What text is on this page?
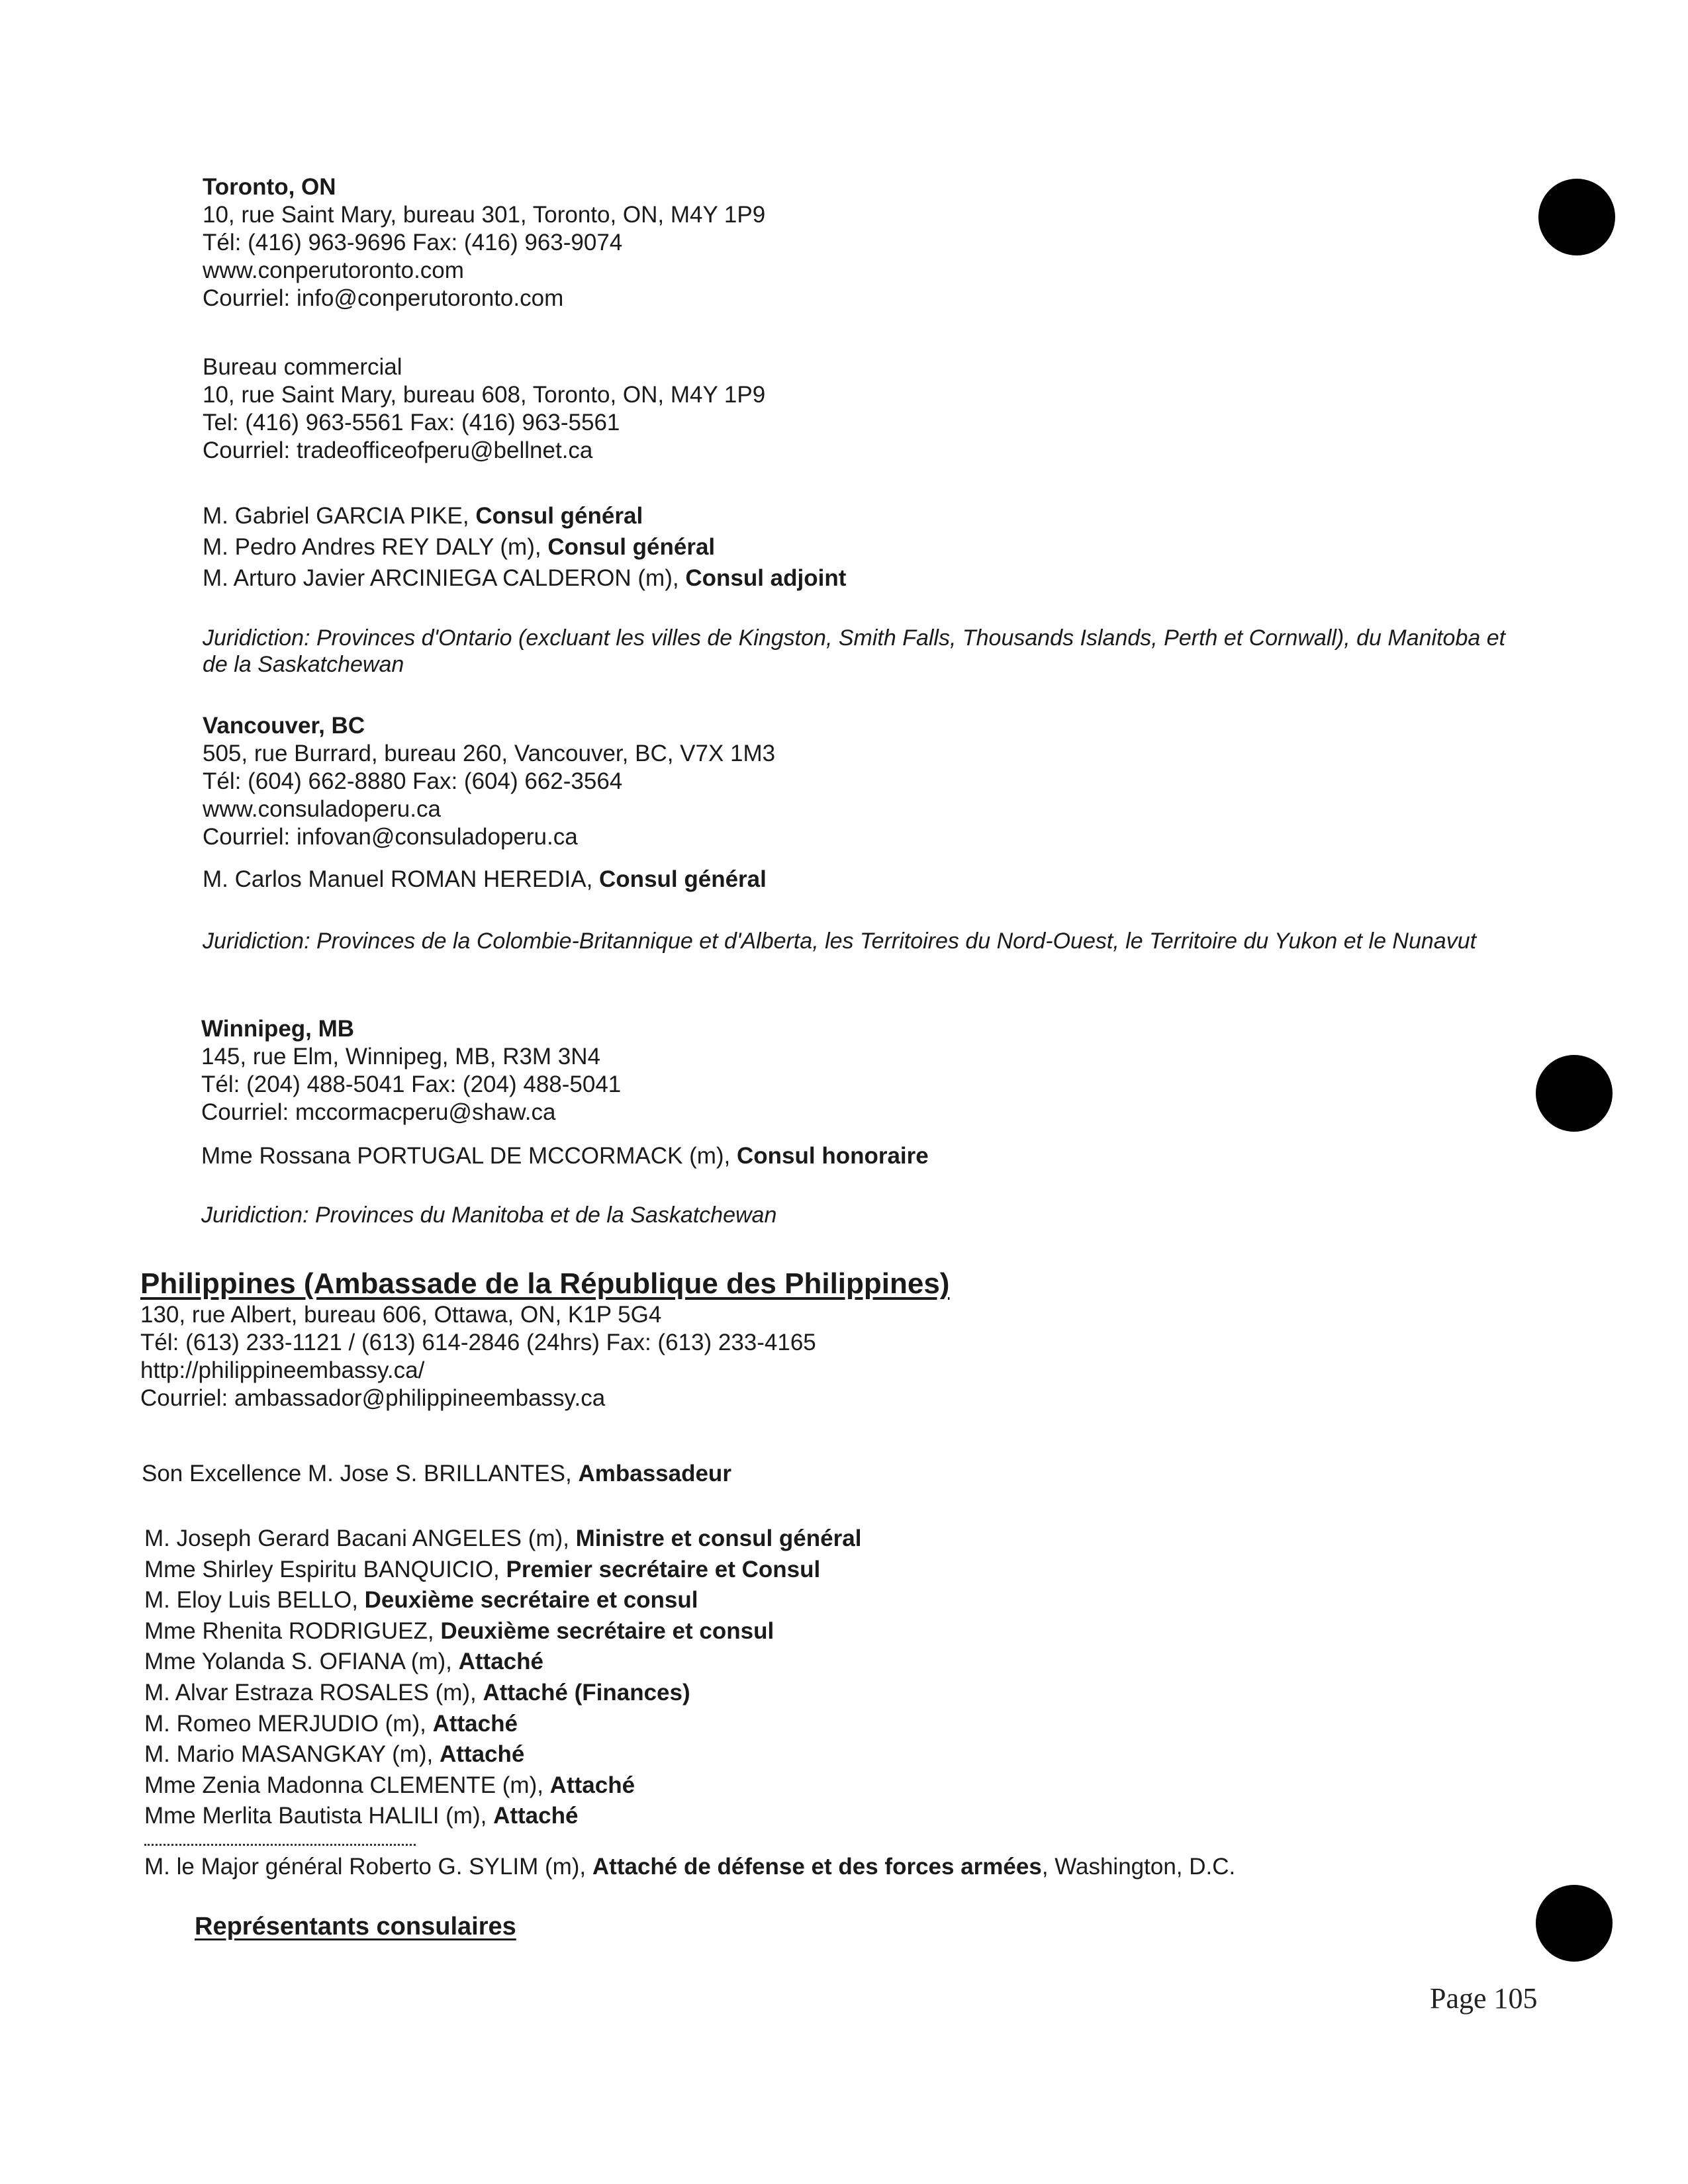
Toronto, ON
10, rue Saint Mary, bureau 301, Toronto, ON, M4Y 1P9
Tél: (416) 963-9696 Fax: (416) 963-9074
www.conperutoronto.com
Courriel: info@conperutoronto.com
Bureau commercial
10, rue Saint Mary, bureau 608, Toronto, ON, M4Y 1P9
Tel: (416) 963-5561 Fax: (416) 963-5561
Courriel: tradeofficeofperu@bellnet.ca
M. Gabriel GARCIA PIKE, Consul général
M. Pedro Andres REY DALY (m), Consul général
M. Arturo Javier ARCINIEGA CALDERON (m), Consul adjoint
Juridiction: Provinces d'Ontario (excluant les villes de Kingston, Smith Falls, Thousands Islands, Perth et Cornwall), du Manitoba et de la Saskatchewan
Vancouver, BC
505, rue Burrard, bureau 260, Vancouver, BC, V7X 1M3
Tél: (604) 662-8880 Fax: (604) 662-3564
www.consuladoperu.ca
Courriel: infovan@consuladoperu.ca
M. Carlos Manuel ROMAN HEREDIA, Consul général
Juridiction: Provinces de la Colombie-Britannique et d'Alberta, les Territoires du Nord-Ouest, le Territoire du Yukon et le Nunavut
Winnipeg, MB
145, rue Elm, Winnipeg, MB, R3M 3N4
Tél: (204) 488-5041 Fax: (204) 488-5041
Courriel: mccormacperu@shaw.ca
Mme Rossana PORTUGAL DE MCCORMACK (m), Consul honoraire
Juridiction: Provinces du Manitoba et de la Saskatchewan
Philippines (Ambassade de la République des Philippines)
130, rue Albert, bureau 606, Ottawa, ON, K1P 5G4
Tél: (613) 233-1121 / (613) 614-2846 (24hrs) Fax: (613) 233-4165
http://philippineembassy.ca/
Courriel: ambassador@philippineembassy.ca
Son Excellence M. Jose S. BRILLANTES, Ambassadeur
M. Joseph Gerard Bacani ANGELES (m), Ministre et consul général
Mme Shirley Espiritu BANQUICIO, Premier secrétaire et Consul
M. Eloy Luis BELLO, Deuxième secrétaire et consul
Mme Rhenita RODRIGUEZ, Deuxième secrétaire et consul
Mme Yolanda S. OFIANA (m), Attaché
M. Alvar Estraza ROSALES (m), Attaché (Finances)
M. Romeo MERJUDIO (m), Attaché
M. Mario MASANGKAY (m), Attaché
Mme Zenia Madonna CLEMENTE (m), Attaché
Mme Merlita Bautista HALILI (m), Attaché
M. le Major général Roberto G. SYLIM (m), Attaché de défense et des forces armées, Washington, D.C.
Représentants consulaires
Page 105
